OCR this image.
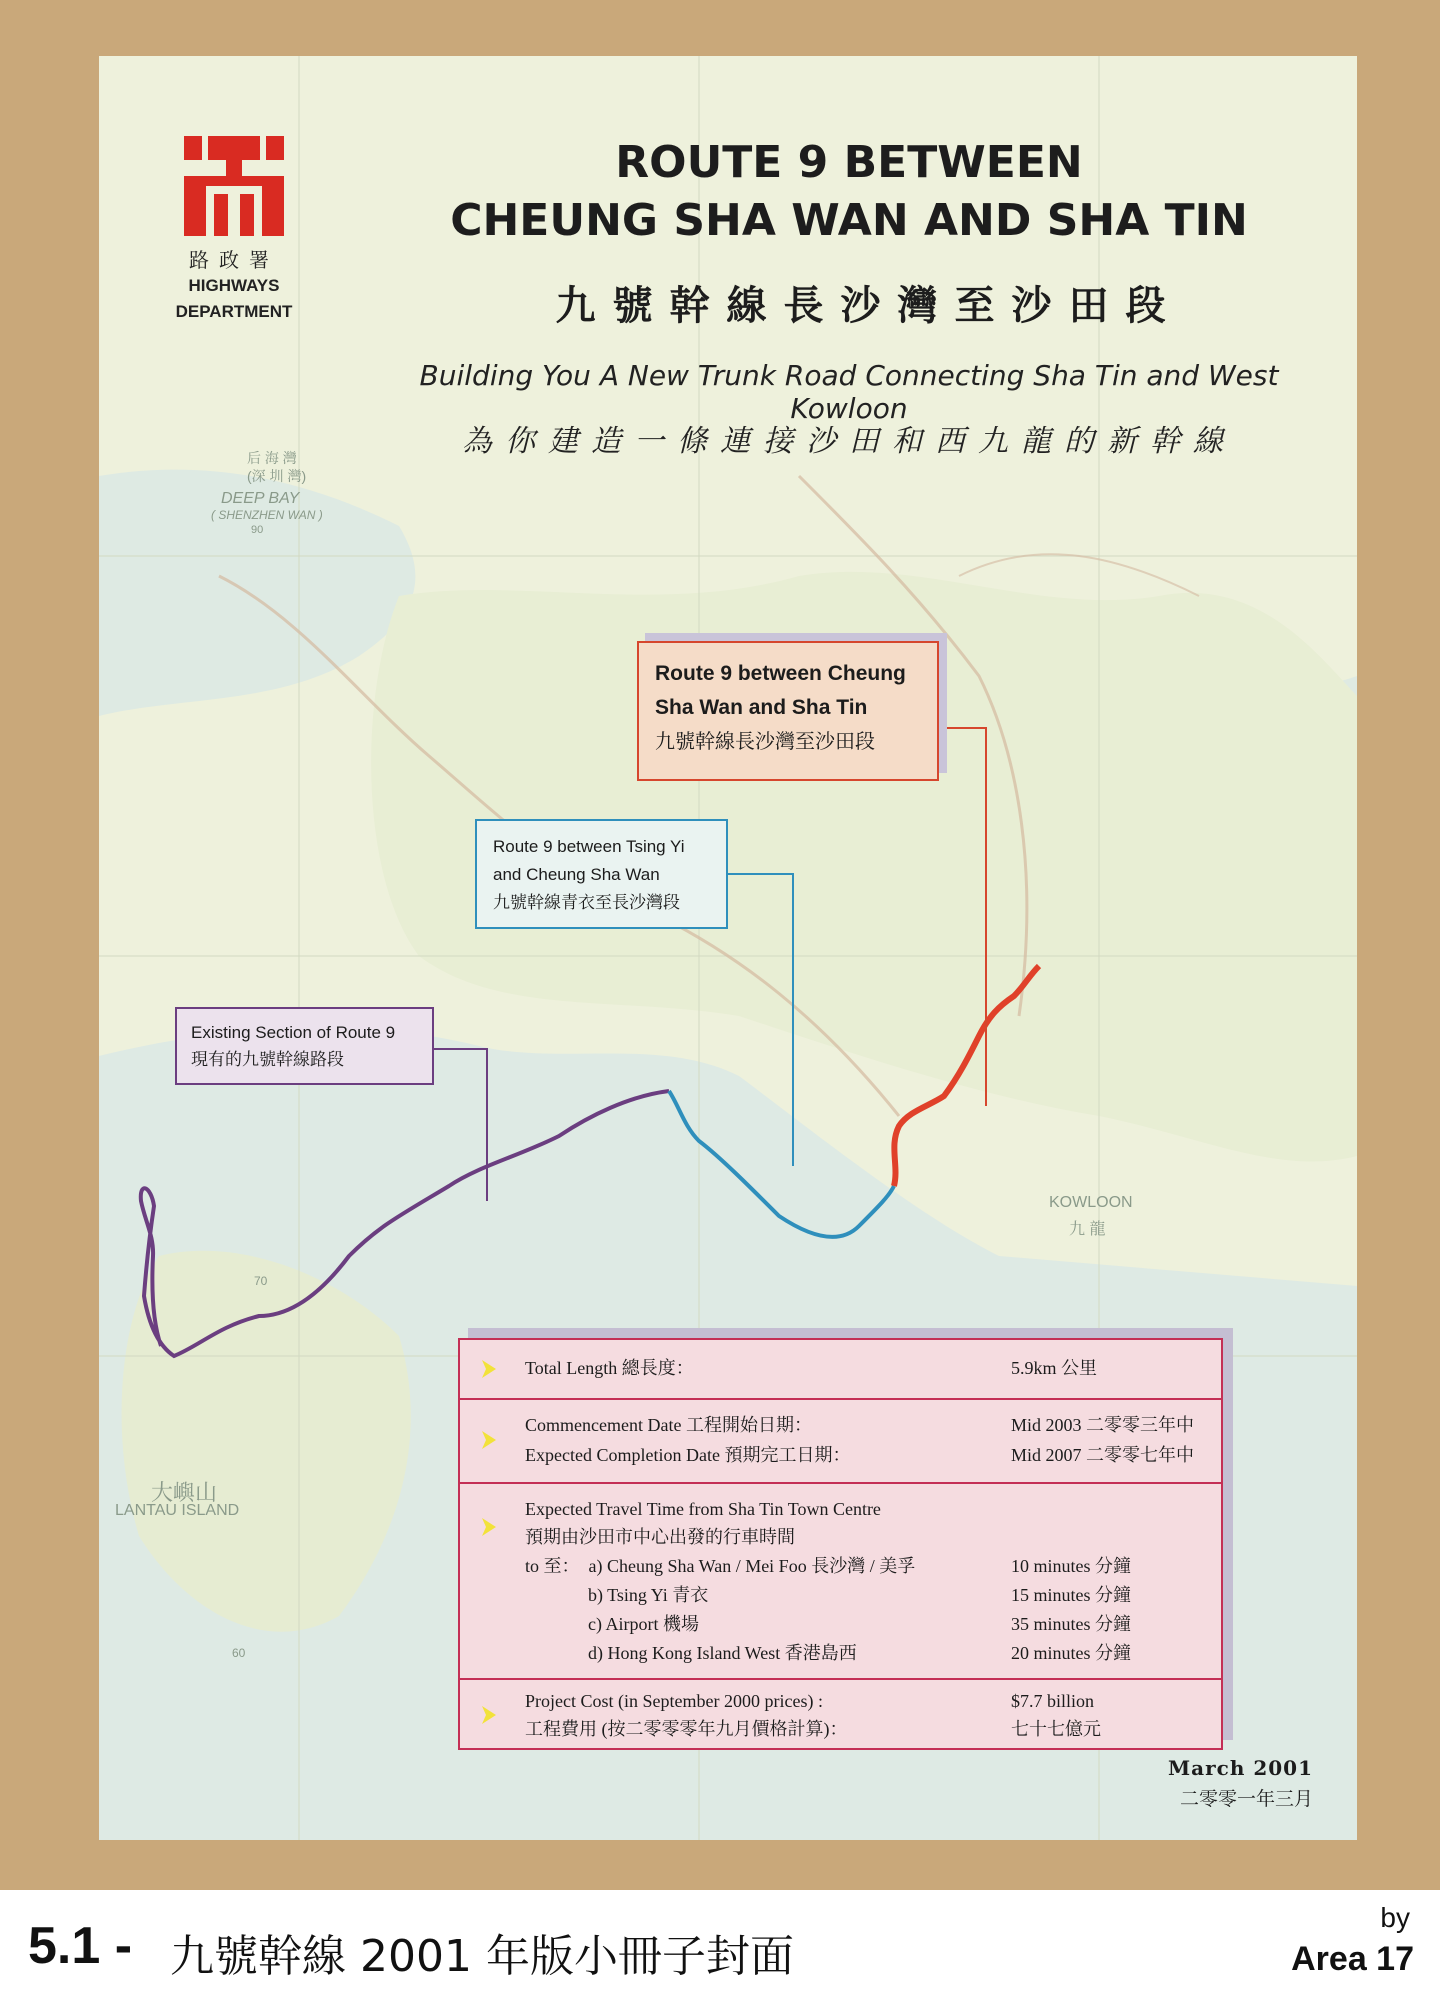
后 海 灣
(深 圳 灣)
DEEP BAY
( SHENZHEN WAN )
90
70
60
KOWLOON
九 龍
大嶼山
LANTAU ISLAND
路政署
HIGHWAYS
DEPARTMENT
ROUTE 9 BETWEEN
CHEUNG SHA WAN AND SHA TIN
九號幹線長沙灣至沙田段
Building You A New Trunk Road Connecting Sha Tin and West Kowloon
為你建造一條連接沙田和西九龍的新幹線
Route 9 between Cheung
Sha Wan and Sha Tin
九號幹線長沙灣至沙田段
Route 9 between Tsing Yi
and Cheung Sha Wan
九號幹線青衣至長沙灣段
Existing Section of Route 9
現有的九號幹線路段
Total Length 總長度：	5.9km 公里
Commencement Date 工程開始日期：
Expected Completion Date 預期完工日期：
Mid 2003 二零零三年中
Mid 2007 二零零七年中
Expected Travel Time from Sha Tin Town Centre
預期由沙田市中心出發的行車時間
to 至：  a) Cheung Sha Wan / Mei Foo 長沙灣 / 美孚
b) Tsing Yi 青衣
c) Airport 機場
d) Hong Kong Island West 香港島西
10 minutes 分鐘
15 minutes 分鐘
35 minutes 分鐘
20 minutes 分鐘
Project Cost (in September 2000 prices) :
工程費用 (按二零零零年九月價格計算)：
$7.7 billion
七十七億元
March 2001
二零零一年三月
5.1 - 九號幹線 2001 年版小冊子封面
by
Area 17
